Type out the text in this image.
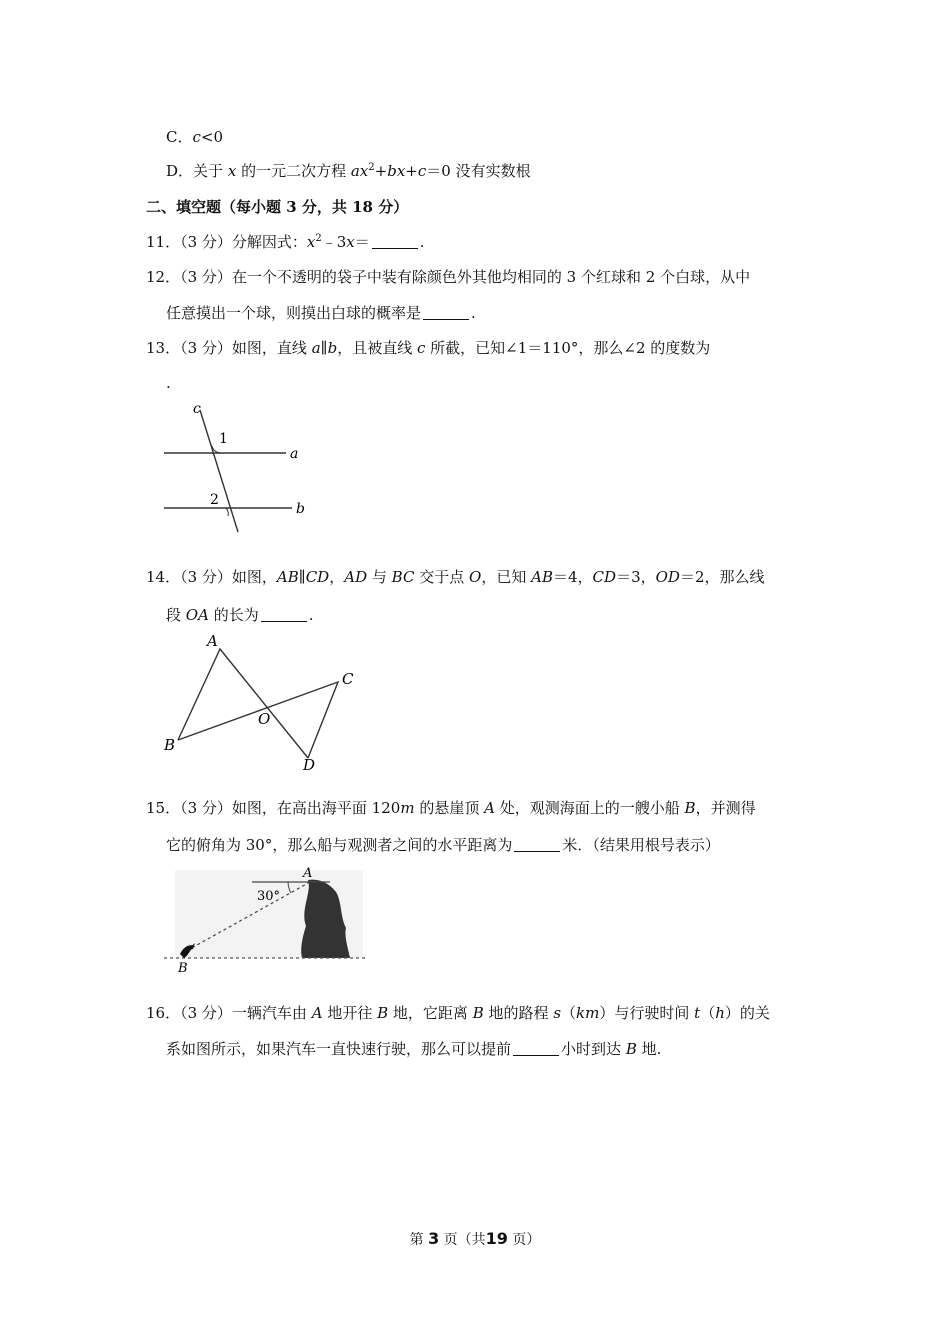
C．c<0
D．关于 x 的一元二次方程 $ax^2+bx+c=0$ 没有实数根
二、填空题（每小题 3 分，共 18 分）
11．（3 分）分解因式：$x^2﹣3x=$	.
12．（3 分）在一个不透明的袋子中装有除颜色外其他均相同的 3 个红球和 2 个白球，从中
任意摸出一个球，则摸出白球的概率是	.
13．（3 分）如图，直线 a∥b，且被直线 c 所截，已知∠1＝110°，那么∠2 的度数为
.
c
1
a
2
b
14．（3 分）如图，AB∥CD，AD 与 BC 交于点 O，已知 AB＝4，CD＝3，OD＝2，那么线
段 OA 的长为	.
A
B
C
D
O
15．（3 分）如图，在高出海平面 120m 的悬崖顶 A 处，观测海面上的一艘小船 B，并测得
它的俯角为 30°，那么船与观测者之间的水平距离为	米．（结果用根号表示）
30°
A
B
16．（3 分）一辆汽车由 A 地开往 B 地，它距离 B 地的路程 s（km）与行驶时间 t（h）的关
系如图所示，如果汽车一直快速行驶，那么可以提前	小时到达 B 地.
第 3 页（共19 页）
